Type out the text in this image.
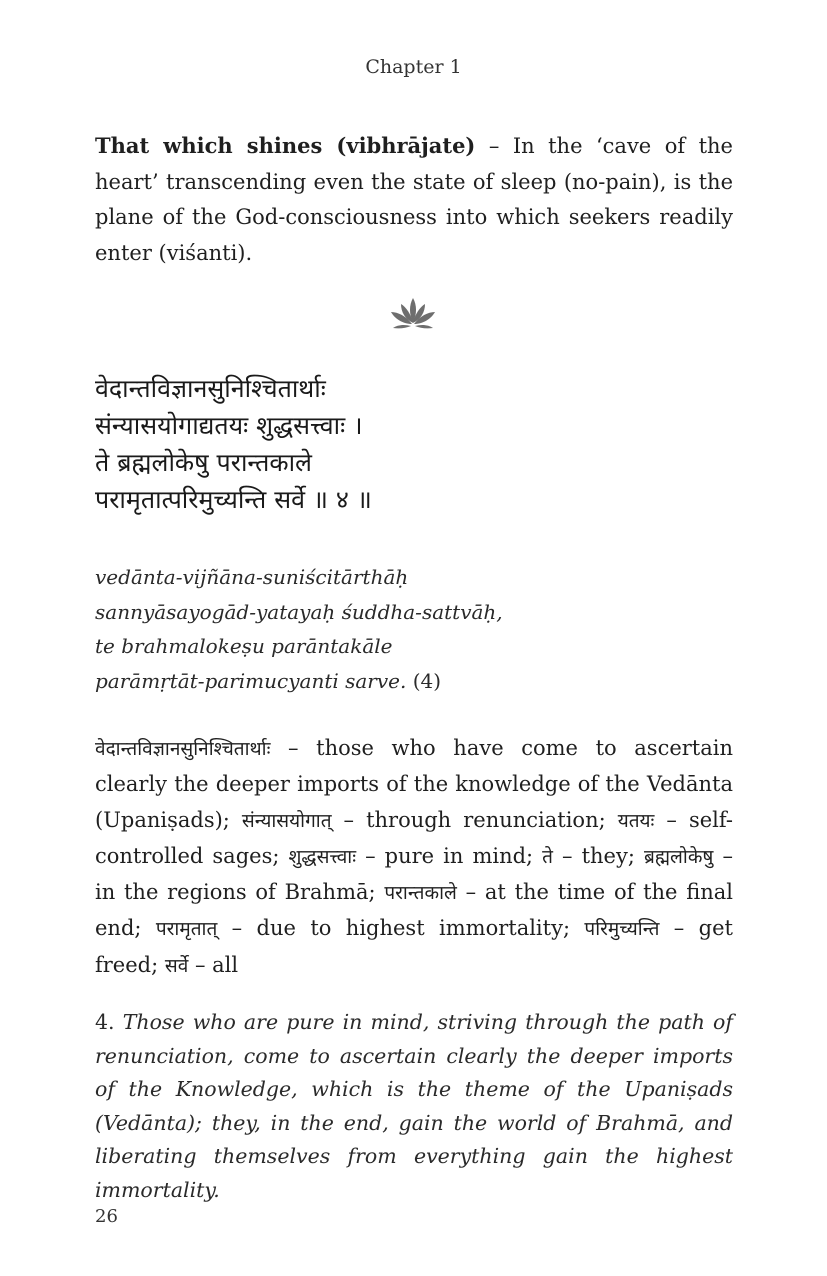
Chapter 1
That which shines (vibhrājate) – In the ‘cave of the heart’ transcending even the state of sleep (no-pain), is the plane of the God-consciousness into which seekers readily enter (viśanti).
वेदान्तविज्ञानसुनिश्चितार्थाः
संन्यासयोगाद्यतयः शुद्धसत्त्वाः ।
ते ब्रह्मलोकेषु परान्तकाले
परामृतात्परिमुच्यन्ति सर्वे ॥ ४ ॥
vedānta-vijñāna-suniścitārthāḥ
sannyāsayogād-yatayaḥ śuddha-sattvāḥ,
te brahmalokeṣu parāntakāle
parāmṛtāt-parimucyanti sarve. (4)
वेदान्तविज्ञानसुनिश्चितार्थाः – those who have come to ascertain clearly the deeper imports of the knowledge of the Vedānta (Upaniṣads); संन्यासयोगात् – through renunciation; यतयः – self-controlled sages; शुद्धसत्त्वाः – pure in mind; ते – they; ब्रह्मलोकेषु – in the regions of Brahmā; परान्तकाले – at the time of the final end; परामृतात् – due to highest immortality; परिमुच्यन्ति – get freed; सर्वे – all
4. Those who are pure in mind, striving through the path of renunciation, come to ascertain clearly the deeper imports of the Knowledge, which is the theme of the Upaniṣads (Vedānta); they, in the end, gain the world of Brahmā, and liberating themselves from everything gain the highest immortality.
26
